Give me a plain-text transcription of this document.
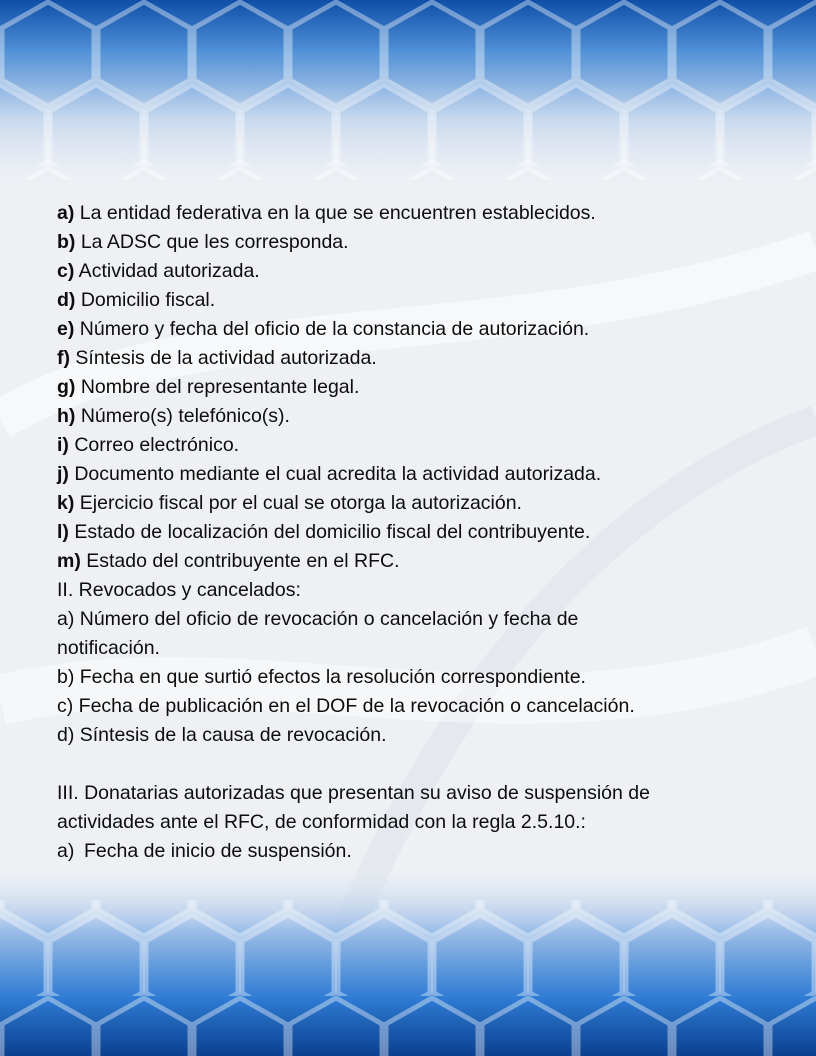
a) La entidad federativa en la que se encuentren establecidos.
b) La ADSC que les corresponda.
c) Actividad autorizada.
d) Domicilio fiscal.
e) Número y fecha del oficio de la constancia de autorización.
f) Síntesis de la actividad autorizada.
g) Nombre del representante legal.
h) Número(s) telefónico(s).
i) Correo electrónico.
j) Documento mediante el cual acredita la actividad autorizada.
k) Ejercicio fiscal por el cual se otorga la autorización.
l) Estado de localización del domicilio fiscal del contribuyente.
m) Estado del contribuyente en el RFC.
II. Revocados y cancelados:
a) Número del oficio de revocación o cancelación y fecha de
notificación.
b) Fecha en que surtió efectos la resolución correspondiente.
c) Fecha de publicación en el DOF de la revocación o cancelación.
d) Síntesis de la causa de revocación.
III. Donatarias autorizadas que presentan su aviso de suspensión de
actividades ante el RFC, de conformidad con la regla 2.5.10.:
a) Fecha de inicio de suspensión.
